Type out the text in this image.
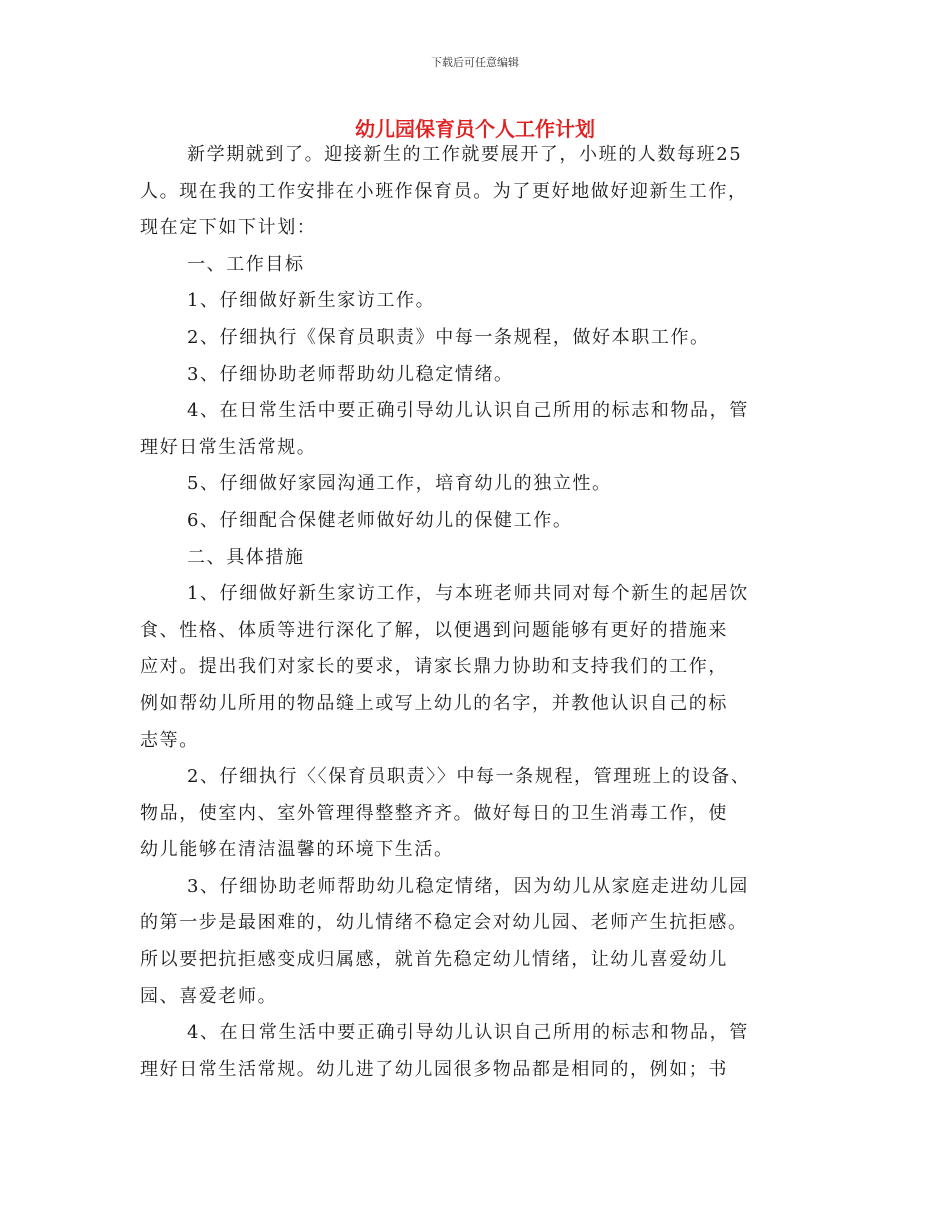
下载后可任意编辑
幼儿园保育员个人工作计划

新学期就到了。迎接新生的工作就要展开了，小班的人数每班25

人。现在我的工作安排在小班作保育员。为了更好地做好迎新生工作，

现在定下如下计划：

一、工作目标

1、仔细做好新生家访工作。

2、仔细执行《保育员职责》中每一条规程，做好本职工作。

3、仔细协助老师帮助幼儿稳定情绪。

4、在日常生活中要正确引导幼儿认识自己所用的标志和物品，管

理好日常生活常规。

5、仔细做好家园沟通工作，培育幼儿的独立性。

6、仔细配合保健老师做好幼儿的保健工作。

二、具体措施

1、仔细做好新生家访工作，与本班老师共同对每个新生的起居饮

食、性格、体质等进行深化了解，以便遇到问题能够有更好的措施来

应对。提出我们对家长的要求，请家长鼎力协助和支持我们的工作，

例如帮幼儿所用的物品缝上或写上幼儿的名字，并教他认识自己的标

志等。

2、仔细执行〈〈保育员职责〉〉中每一条规程，管理班上的设备、

物品，使室内、室外管理得整整齐齐。做好每日的卫生消毒工作，使

幼儿能够在清洁温馨的环境下生活。

3、仔细协助老师帮助幼儿稳定情绪，因为幼儿从家庭走进幼儿园

的第一步是最困难的，幼儿情绪不稳定会对幼儿园、老师产生抗拒感。

所以要把抗拒感变成归属感，就首先稳定幼儿情绪，让幼儿喜爱幼儿

园、喜爱老师。

4、在日常生活中要正确引导幼儿认识自己所用的标志和物品，管

理好日常生活常规。幼儿进了幼儿园很多物品都是相同的，例如；书
